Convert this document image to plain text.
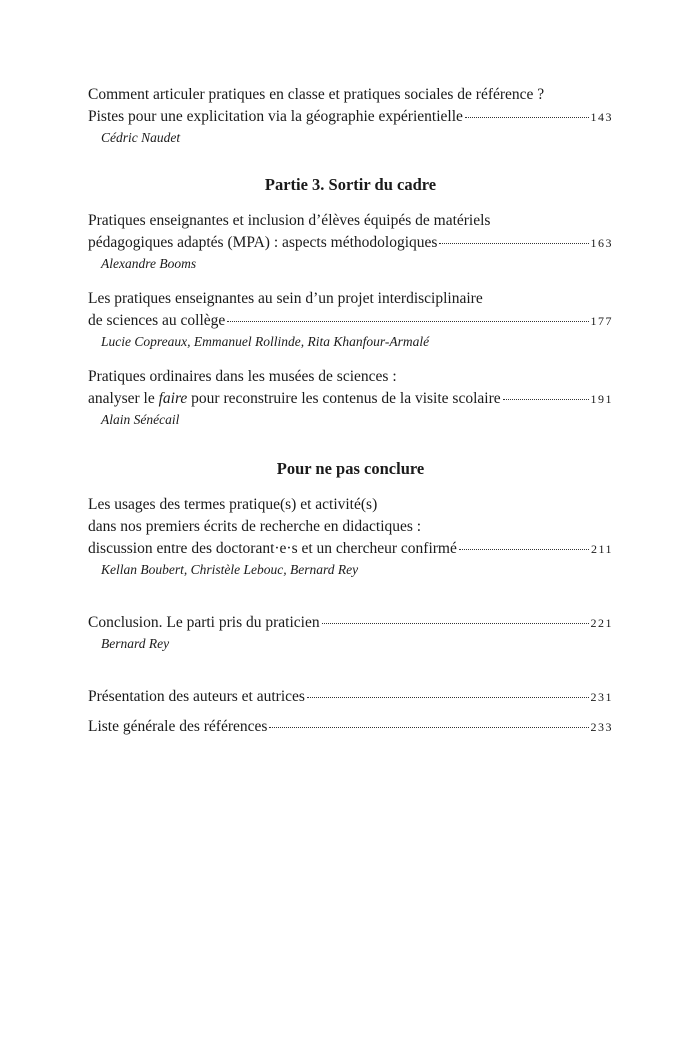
Comment articuler pratiques en classe et pratiques sociales de référence ?
Pistes pour une explicitation via la géographie expérientielle	143
Cédric Naudet
Partie 3. Sortir du cadre
Pratiques enseignantes et inclusion d’élèves équipés de matériels
pédagogiques adaptés (MPA) : aspects méthodologiques	163
Alexandre Booms
Les pratiques enseignantes au sein d’un projet interdisciplinaire
de sciences au collège	177
Lucie Copreaux, Emmanuel Rollinde, Rita Khanfour-Armalé
Pratiques ordinaires dans les musées de sciences :
analyser le faire pour reconstruire les contenus de la visite scolaire	191
Alain Sénécail
Pour ne pas conclure
Les usages des termes pratique(s) et activité(s)
dans nos premiers écrits de recherche en didactiques :
discussion entre des doctorant·e·s et un chercheur confirmé	211
Kellan Boubert, Christèle Lebouc, Bernard Rey
Conclusion. Le parti pris du praticien	221
Bernard Rey
Présentation des auteurs et autrices	231
Liste générale des références	233
